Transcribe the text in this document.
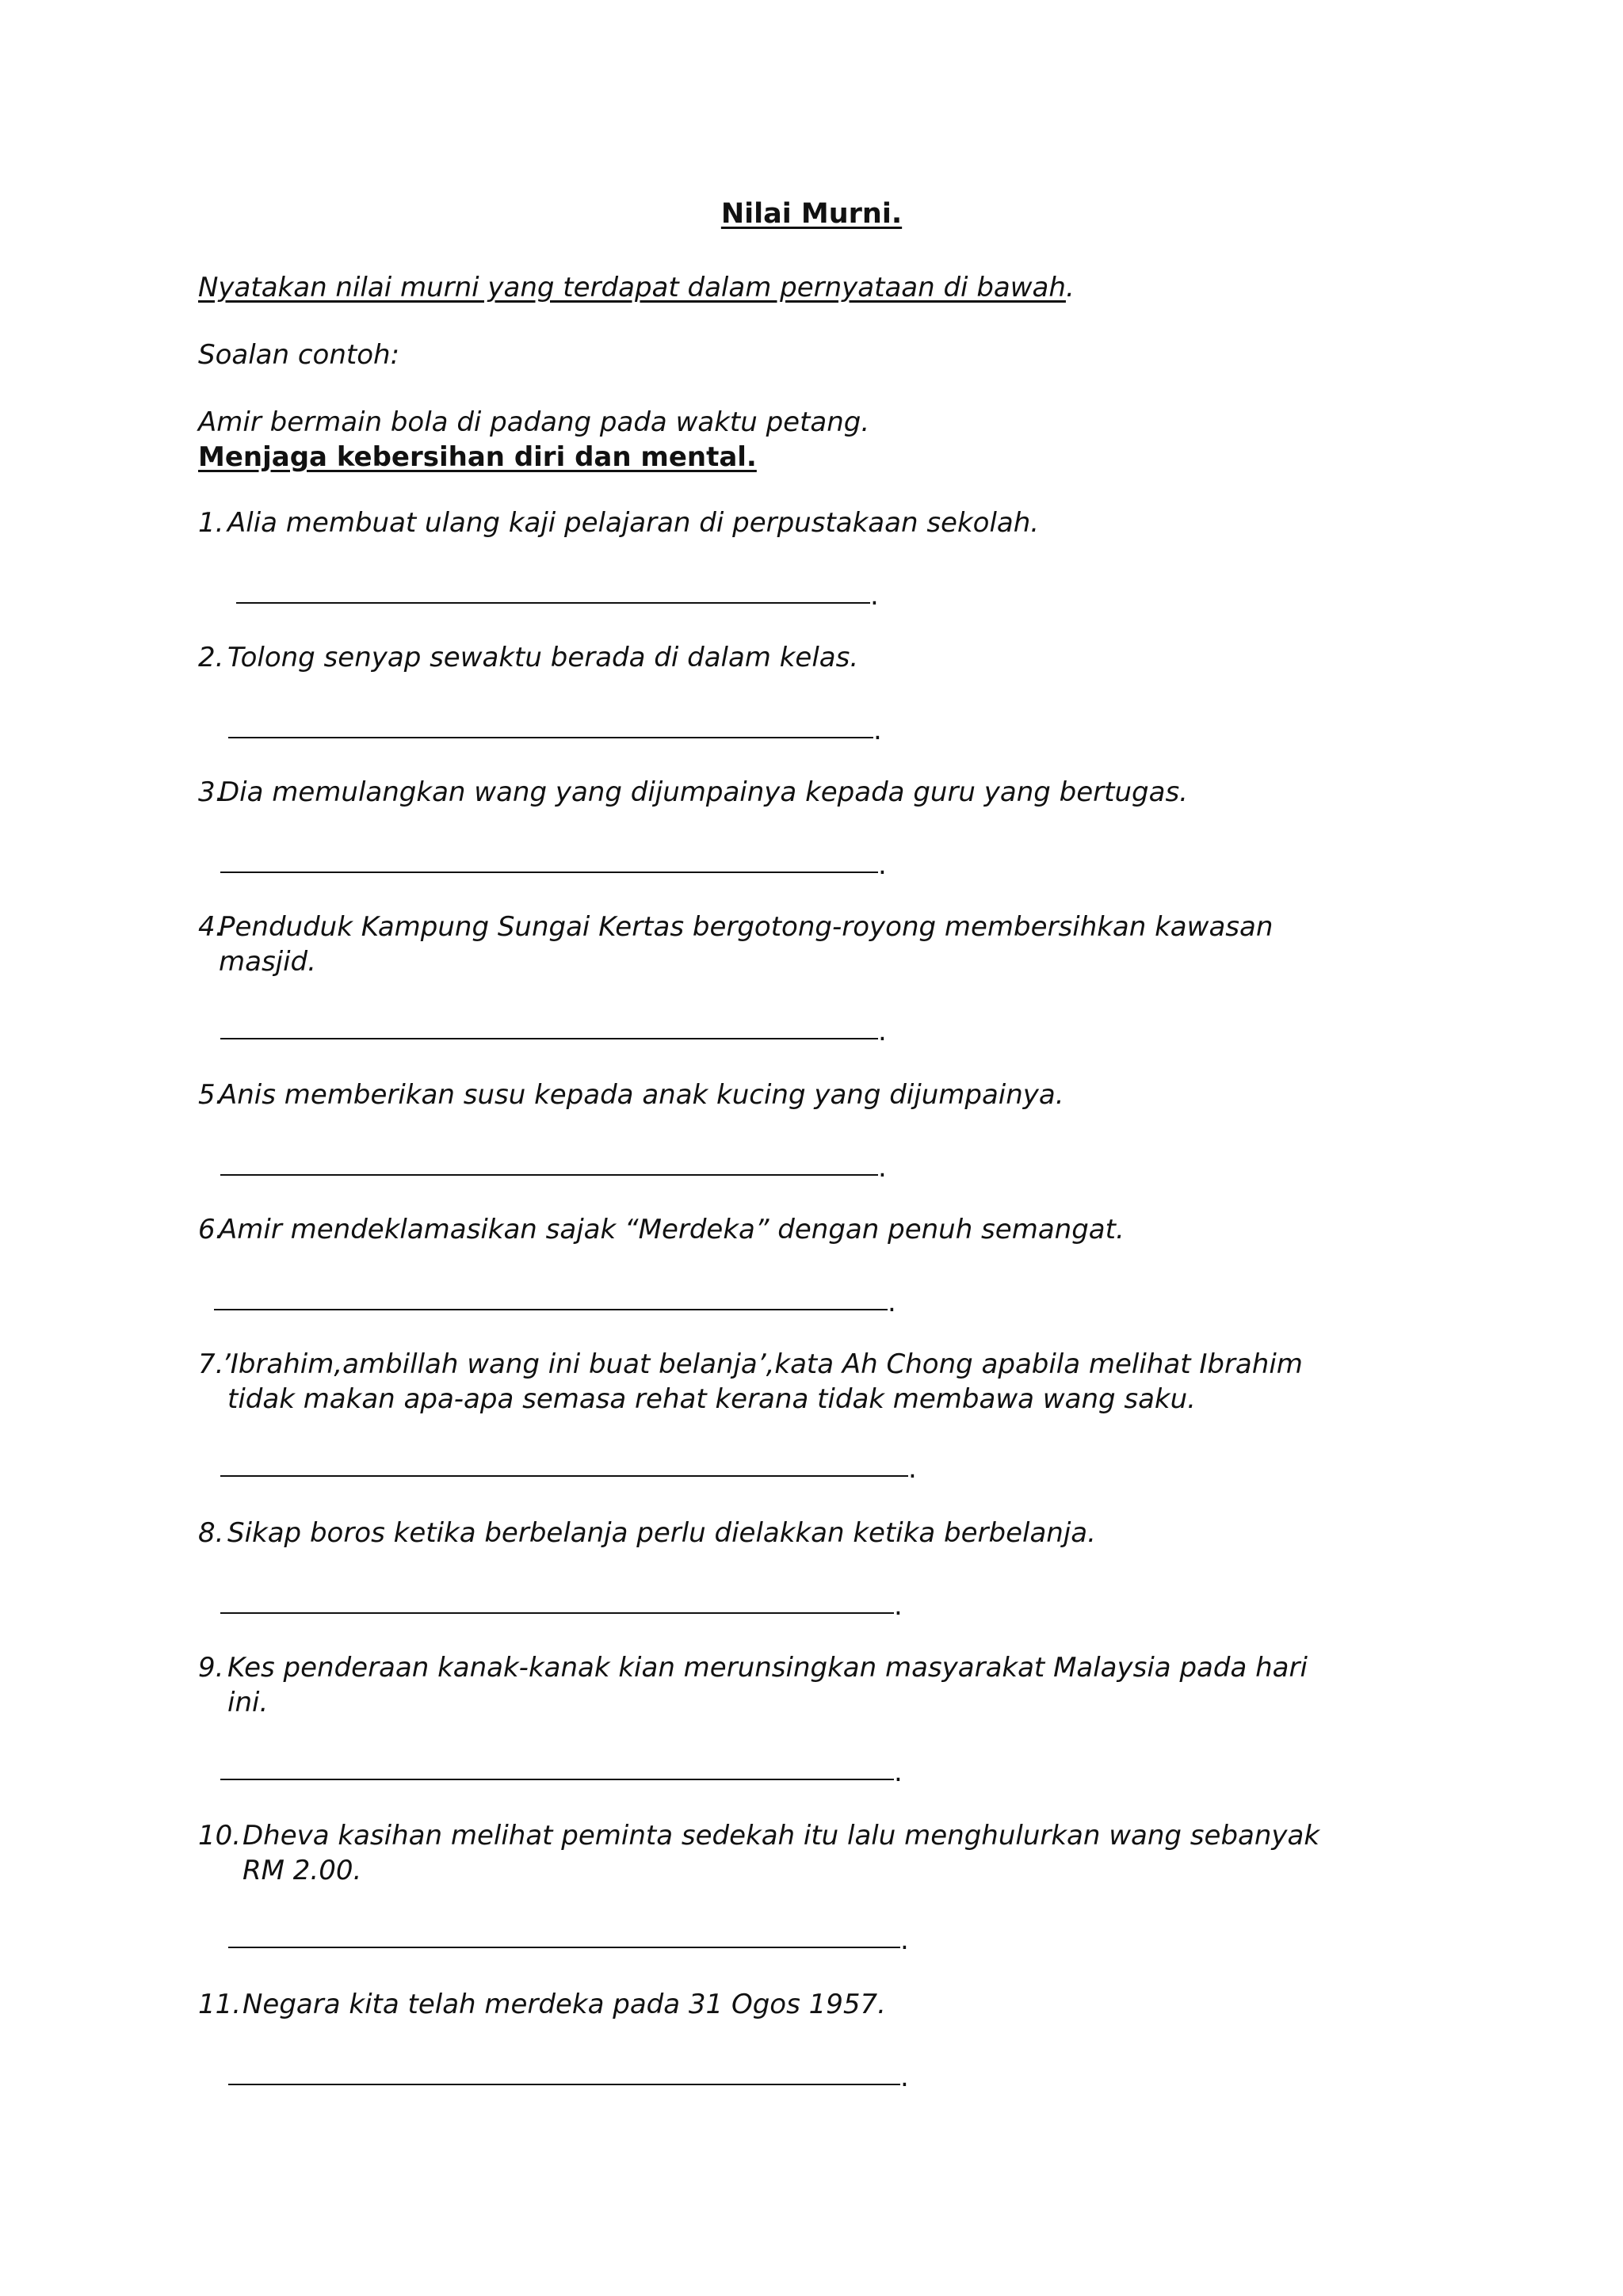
Nilai Murni.
Nyatakan nilai murni yang terdapat dalam pernyataan di bawah.
Soalan contoh:
Amir bermain bola di padang pada waktu petang.
Menjaga kebersihan diri dan mental.
1. Alia membuat ulang kaji pelajaran di perpustakaan sekolah.
.
2. Tolong senyap sewaktu berada di dalam kelas.
.
3.
Dia memulangkan wang yang dijumpainya kepada guru yang bertugas.
.
4.
Penduduk Kampung Sungai Kertas bergotong-royong membersihkan kawasan
masjid.
.
5.
Anis memberikan susu kepada anak kucing yang dijumpainya.
.
6.
Amir mendeklamasikan sajak “Merdeka” dengan penuh semangat.
.
7.
’Ibrahim,ambillah wang ini buat belanja’,kata Ah Chong apabila melihat Ibrahim
tidak makan apa-apa semasa rehat kerana tidak membawa wang saku.
.
8. Sikap boros ketika berbelanja perlu dielakkan ketika berbelanja.
.
9. Kes penderaan kanak-kanak kian merunsingkan masyarakat Malaysia pada hari
ini.
.
10. Dheva kasihan melihat peminta sedekah itu lalu menghulurkan wang sebanyak
RM 2.00.
.
11. Negara kita telah merdeka pada 31 Ogos 1957.
.
